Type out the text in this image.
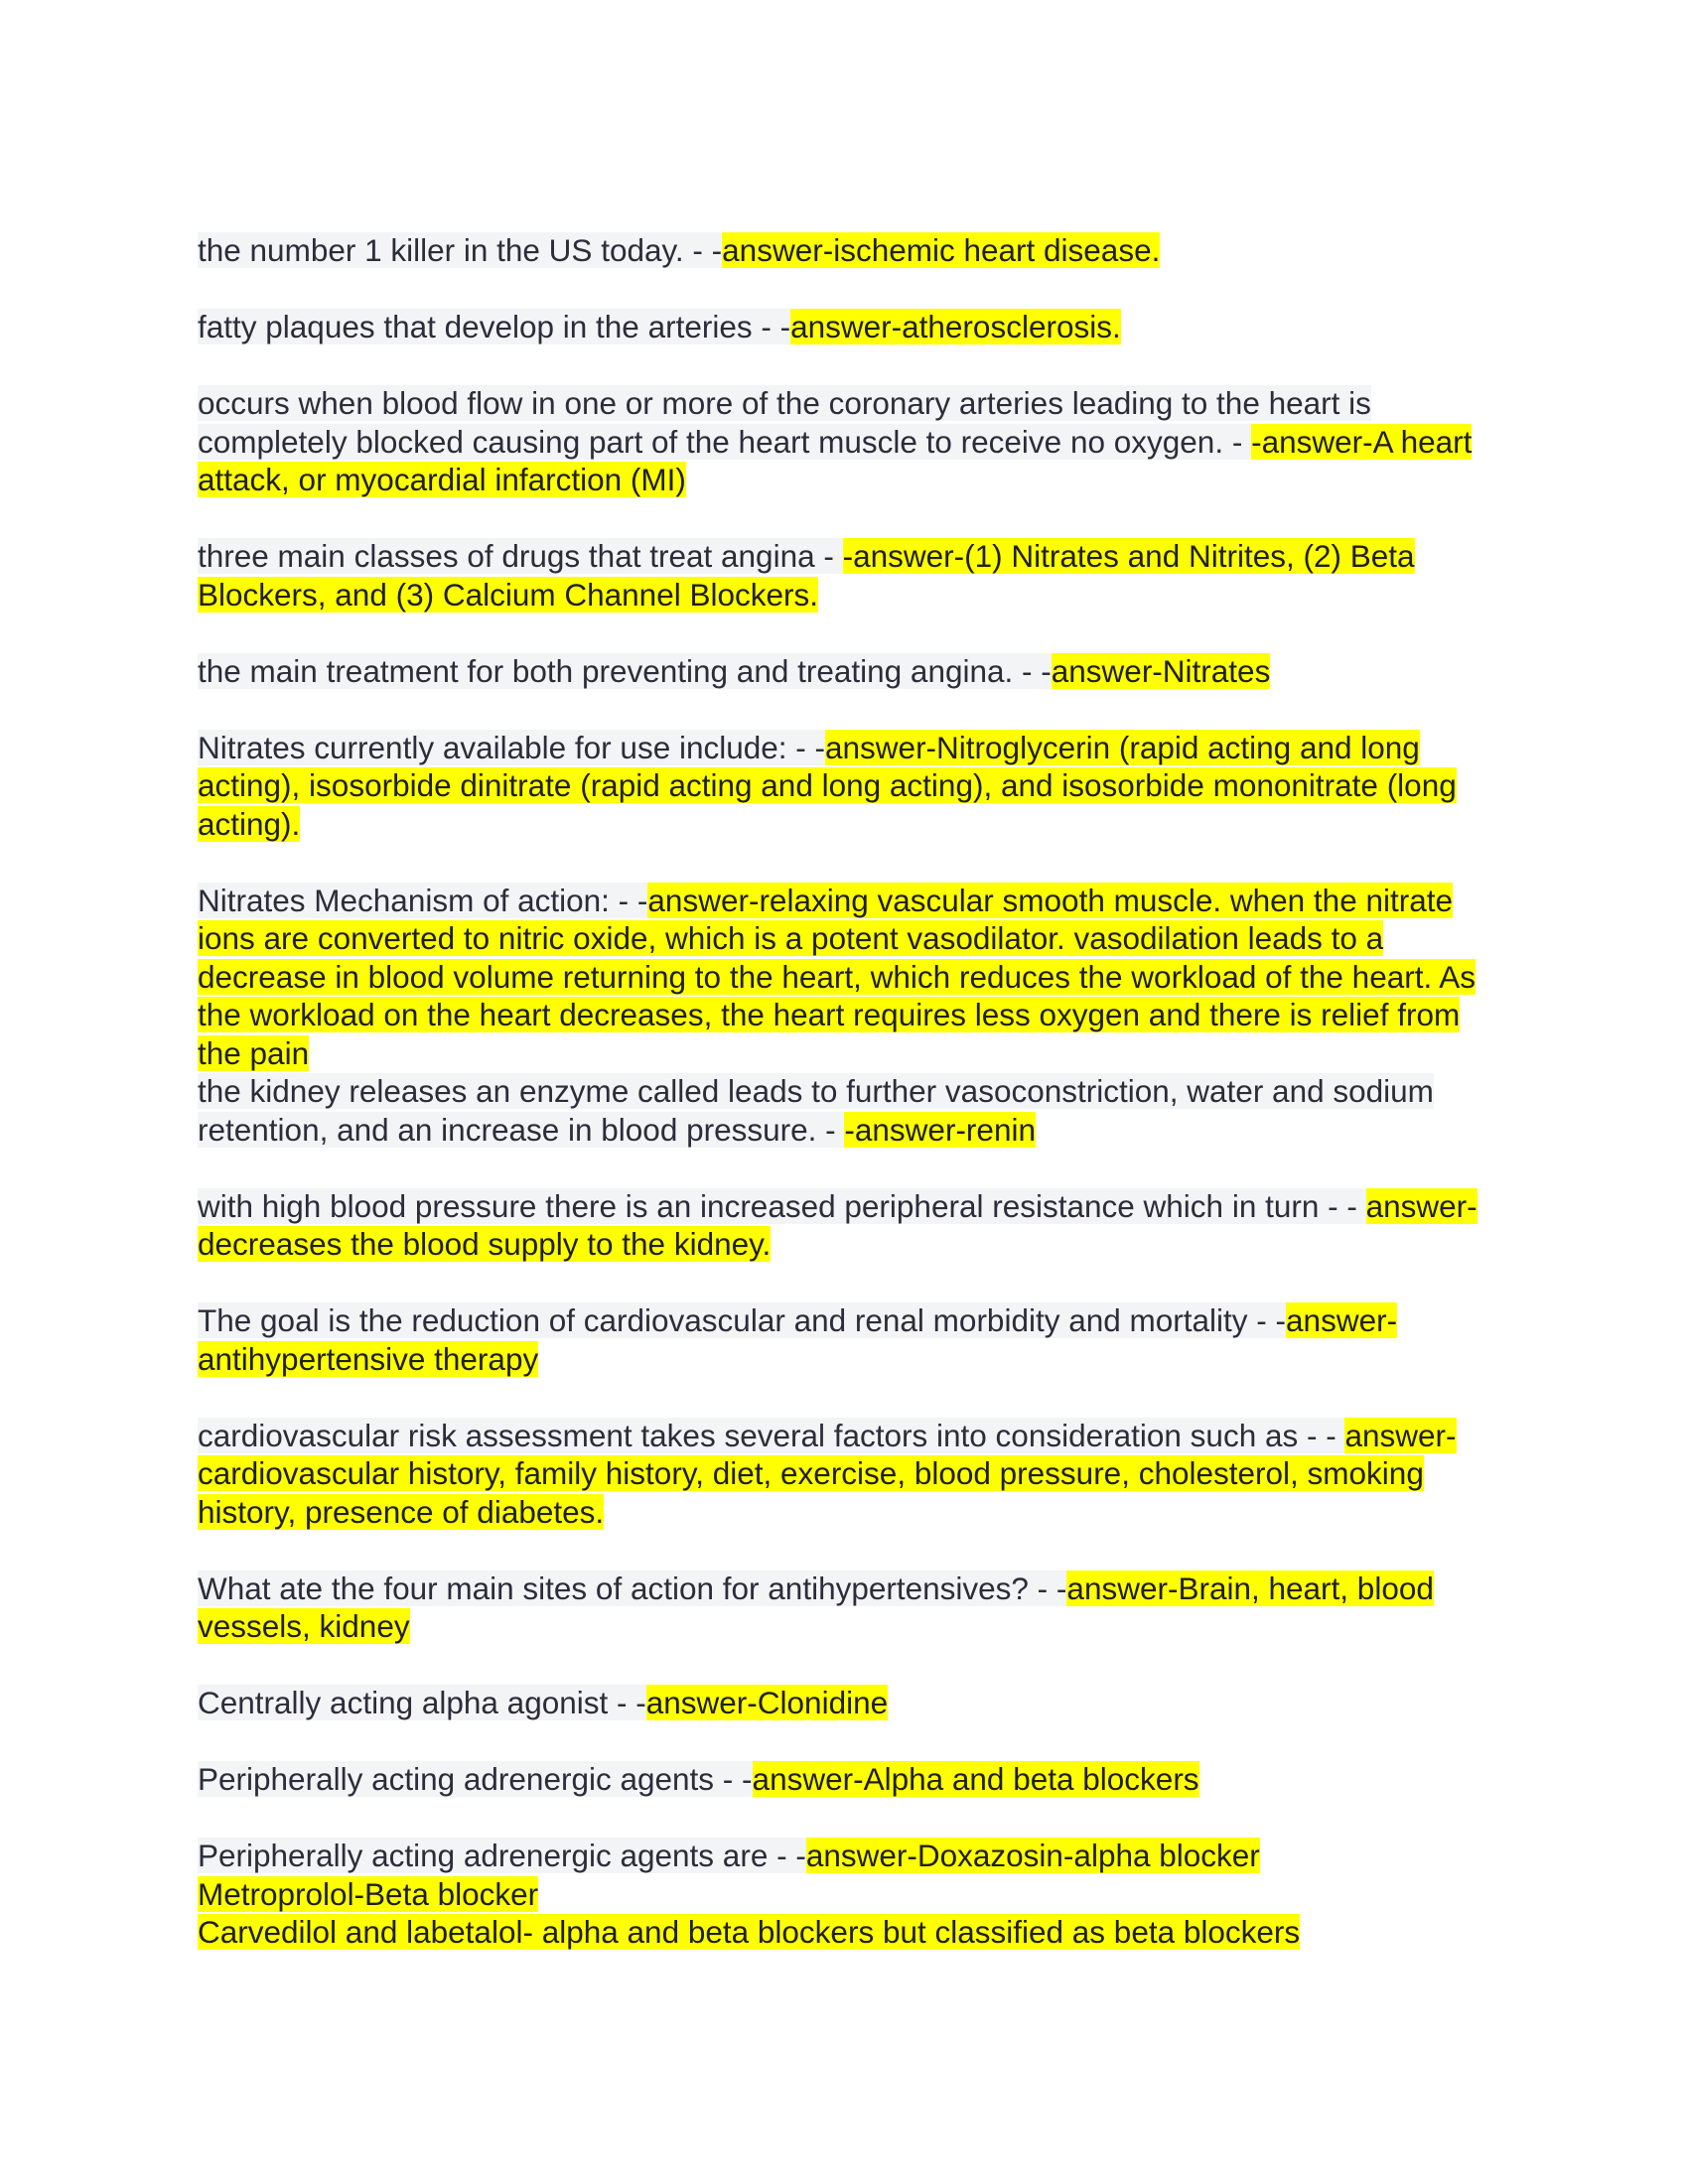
the number 1 killer in the US today. - -answer-ischemic heart disease.
fatty plaques that develop in the arteries - -answer-atherosclerosis.
occurs when blood flow in one or more of the coronary arteries leading to the heart is completely blocked causing part of the heart muscle to receive no oxygen. - -answer-A heart attack, or myocardial infarction (MI)
three main classes of drugs that treat angina - -answer-(1) Nitrates and Nitrites, (2) Beta Blockers, and (3) Calcium Channel Blockers.
the main treatment for both preventing and treating angina. - -answer-Nitrates
Nitrates currently available for use include: - -answer-Nitroglycerin (rapid acting and long acting), isosorbide dinitrate (rapid acting and long acting), and isosorbide mononitrate (long acting).
Nitrates Mechanism of action: - -answer-relaxing vascular smooth muscle. when the nitrate ions are converted to nitric oxide, which is a potent vasodilator. vasodilation leads to a decrease in blood volume returning to the heart, which reduces the workload of the heart. As the workload on the heart decreases, the heart requires less oxygen and there is relief from the pain
the kidney releases an enzyme called leads to further vasoconstriction, water and sodium retention, and an increase in blood pressure. - -answer-renin
with high blood pressure there is an increased peripheral resistance which in turn - - answer-decreases the blood supply to the kidney.
The goal is the reduction of cardiovascular and renal morbidity and mortality - -answer-antihypertensive therapy
cardiovascular risk assessment takes several factors into consideration such as - - answer-cardiovascular history, family history, diet, exercise, blood pressure, cholesterol, smoking history, presence of diabetes.
What ate the four main sites of action for antihypertensives? - -answer-Brain, heart, blood vessels, kidney
Centrally acting alpha agonist - -answer-Clonidine
Peripherally acting adrenergic agents - -answer-Alpha and beta blockers
Peripherally acting adrenergic agents are - -answer-Doxazosin-alpha blocker
Metroprolol-Beta blocker
Carvedilol and labetalol- alpha and beta blockers but classified as beta blockers
